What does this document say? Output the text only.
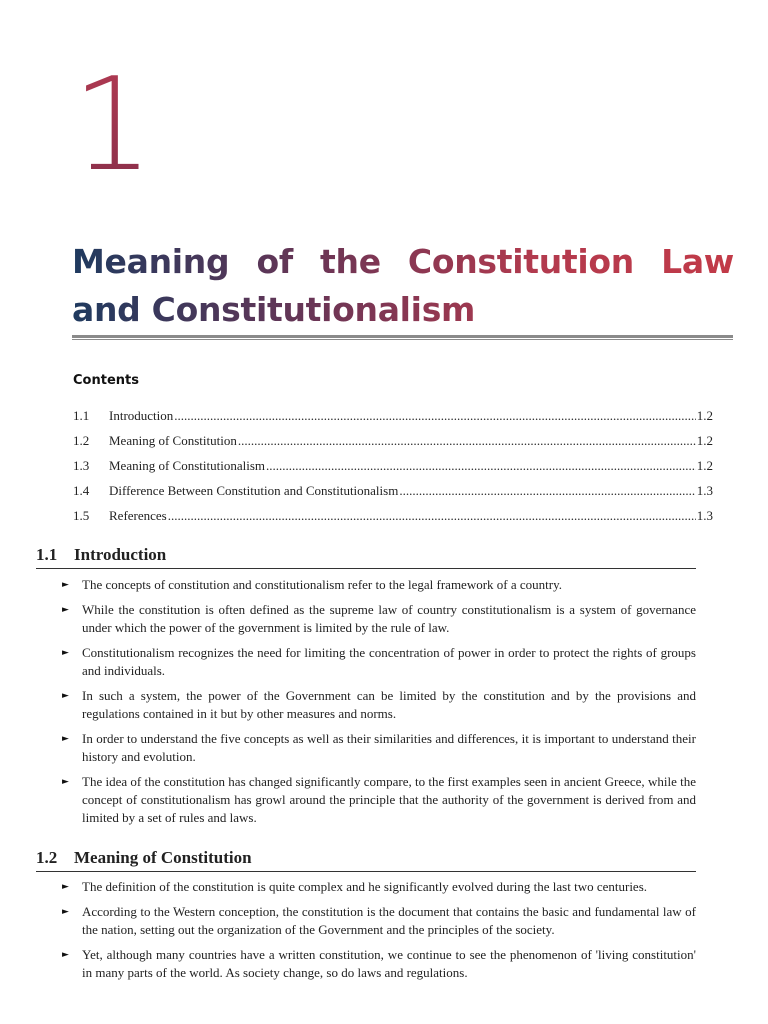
1
Meaning of the Constitution Law and Constitutionalism
Contents
1.1	Introduction .....	1.2
1.2	Meaning of Constitution .....	1.2
1.3	Meaning of Constitutionalism .....	1.2
1.4	Difference Between Constitution and Constitutionalism .....	1.3
1.5	References .....	1.3
1.1 Introduction
► The concepts of constitution and constitutionalism refer to the legal framework of a country.
► While the constitution is often defined as the supreme law of country constitutionalism is a system of governance under which the power of the government is limited by the rule of law.
► Constitutionalism recognizes the need for limiting the concentration of power in order to protect the rights of groups and individuals.
► In such a system, the power of the Government can be limited by the constitution and by the provisions and regulations contained in it but by other measures and norms.
► In order to understand the five concepts as well as their similarities and differences, it is important to understand their history and evolution.
► The idea of the constitution has changed significantly compare, to the first examples seen in ancient Greece, while the concept of constitutionalism has growl around the principle that the authority of the government is derived from and limited by a set of rules and laws.
1.2 Meaning of Constitution
► The definition of the constitution is quite complex and he significantly evolved during the last two centuries.
► According to the Western conception, the constitution is the document that contains the basic and fundamental law of the nation, setting out the organization of the Government and the principles of the society.
► Yet, although many countries have a written constitution, we continue to see the phenomenon of 'living constitution' in many parts of the world. As society change, so do laws and regulations.
